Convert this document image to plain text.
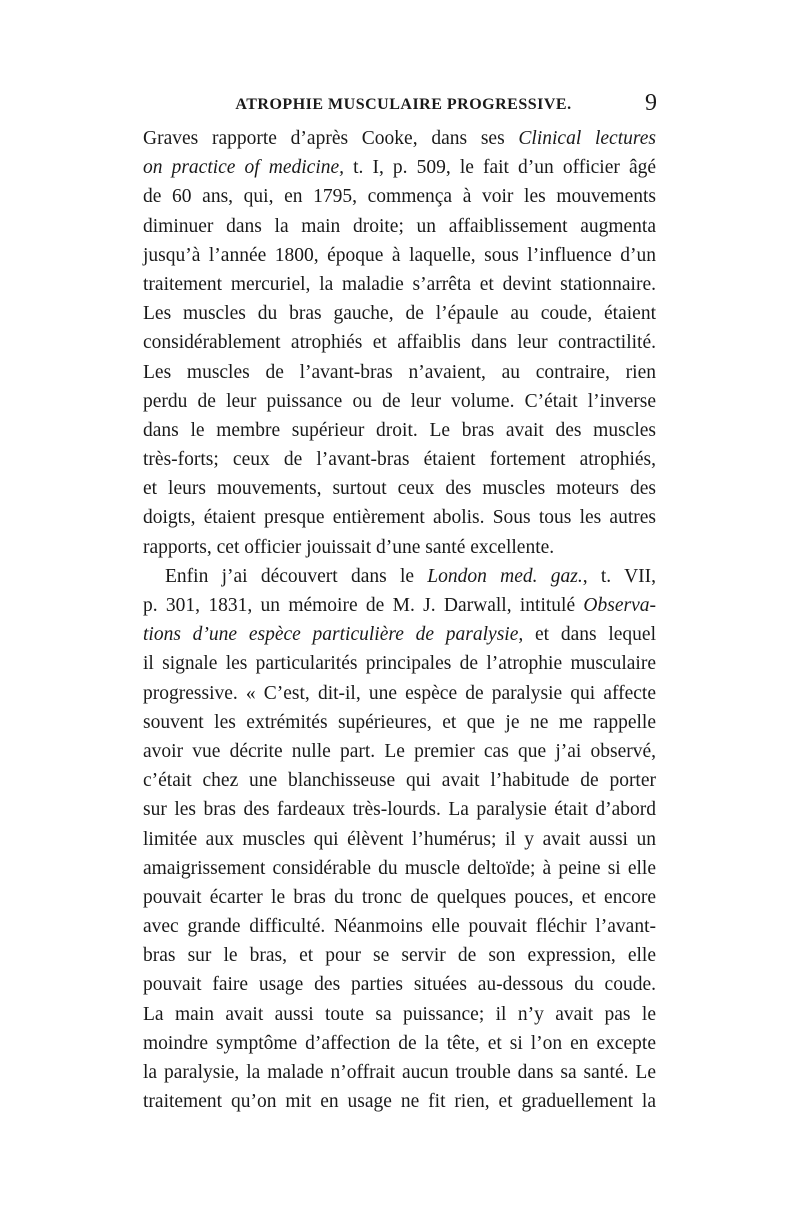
ATROPHIE MUSCULAIRE PROGRESSIVE.	9
Graves rapporte d’après Cooke, dans ses Clinical lectures
on practice of medicine, t. I, p. 509, le fait d’un officier âgé
de 60 ans, qui, en 1795, commença à voir les mouvements
diminuer dans la main droite; un affaiblissement augmenta
jusqu’à l’année 1800, époque à laquelle, sous l’influence d’un
traitement mercuriel, la maladie s’arrêta et devint stationnaire.
Les muscles du bras gauche, de l’épaule au coude, étaient
considérablement atrophiés et affaiblis dans leur contractilité.
Les muscles de l’avant-bras n’avaient, au contraire, rien
perdu de leur puissance ou de leur volume. C’était l’inverse
dans le membre supérieur droit. Le bras avait des muscles
très-forts; ceux de l’avant-bras étaient fortement atrophiés,
et leurs mouvements, surtout ceux des muscles moteurs des
doigts, étaient presque entièrement abolis. Sous tous les autres
rapports, cet officier jouissait d’une santé excellente.
Enfin j’ai découvert dans le London med. gaz., t. VII,
p. 301, 1831, un mémoire de M. J. Darwall, intitulé Observa-
tions d’une espèce particulière de paralysie, et dans lequel
il signale les particularités principales de l’atrophie musculaire
progressive. « C’est, dit-il, une espèce de paralysie qui affecte
souvent les extrémités supérieures, et que je ne me rappelle
avoir vue décrite nulle part. Le premier cas que j’ai observé,
c’était chez une blanchisseuse qui avait l’habitude de porter
sur les bras des fardeaux très-lourds. La paralysie était d’abord
limitée aux muscles qui élèvent l’humérus; il y avait aussi un
amaigrissement considérable du muscle deltoïde; à peine si elle
pouvait écarter le bras du tronc de quelques pouces, et encore
avec grande difficulté. Néanmoins elle pouvait fléchir l’avant-
bras sur le bras, et pour se servir de son expression, elle
pouvait faire usage des parties situées au-dessous du coude.
La main avait aussi toute sa puissance; il n’y avait pas le
moindre symptôme d’affection de la tête, et si l’on en excepte
la paralysie, la malade n’offrait aucun trouble dans sa santé. Le
traitement qu’on mit en usage ne fit rien, et graduellement la
